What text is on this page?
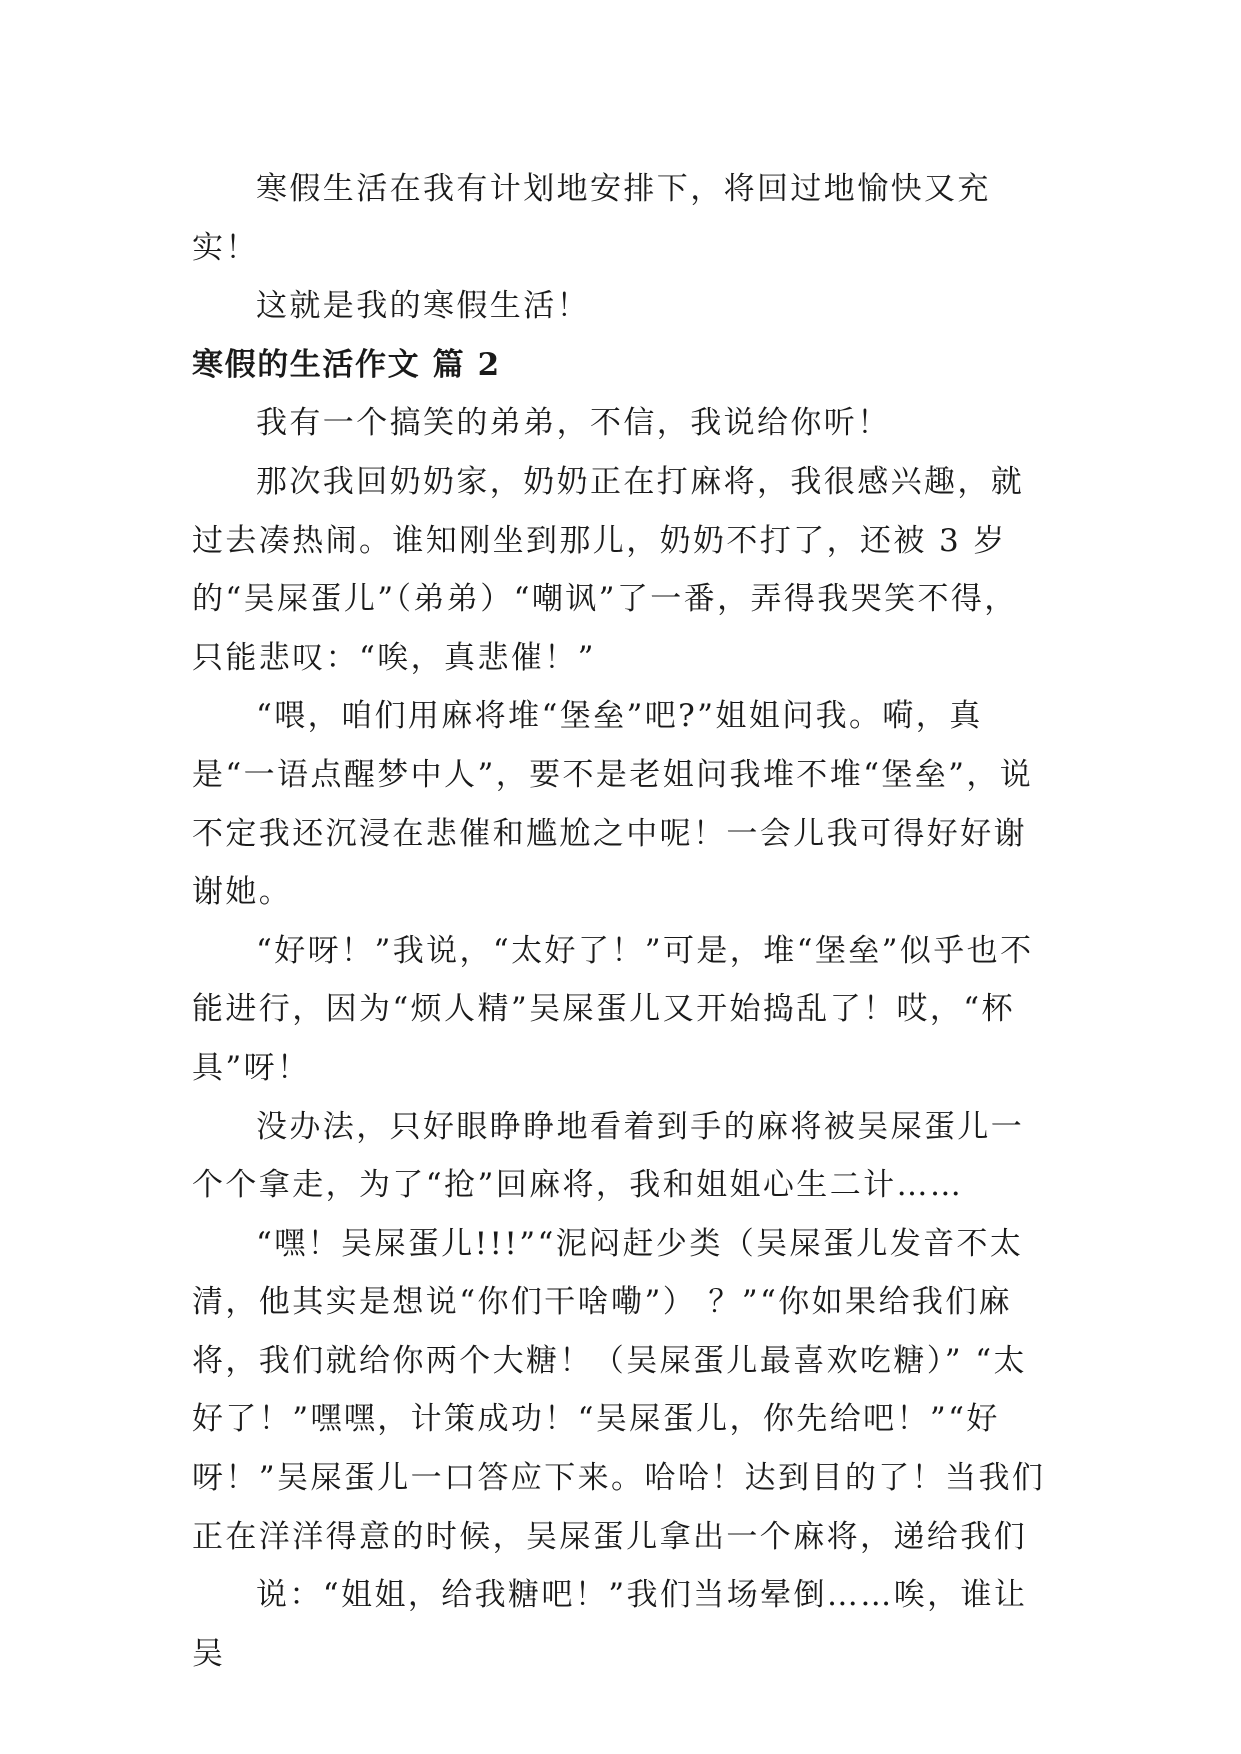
寒假生活在我有计划地安排下，将回过地愉快又充实！

这就是我的寒假生活！

寒假的生活作文 篇 2

我有一个搞笑的弟弟，不信，我说给你听！

那次我回奶奶家，奶奶正在打麻将，我很感兴趣，就过去凑热闹。谁知刚坐到那儿，奶奶不打了，还被 3 岁的“吴屎蛋儿”（弟弟）“嘲讽”了一番，弄得我哭笑不得，只能悲叹：“唉，真悲催！”

“喂，咱们用麻将堆“堡垒”吧?”姐姐问我。嗬，真是“一语点醒梦中人”，要不是老姐问我堆不堆“堡垒”，说不定我还沉浸在悲催和尴尬之中呢！一会儿我可得好好谢谢她。

“好呀！”我说，“太好了！”可是，堆“堡垒”似乎也不能进行，因为“烦人精”吴屎蛋儿又开始捣乱了！哎，“杯具”呀！

没办法，只好眼睁睁地看着到手的麻将被吴屎蛋儿一个个拿走，为了“抢”回麻将，我和姐姐心生二计……

“嘿！吴屎蛋儿!!!”“泥闷赶少类（吴屎蛋儿发音不太清，他其实是想说“你们干啥嘞”） ？”“你如果给我们麻将，我们就给你两个大糖！（吴屎蛋儿最喜欢吃糖）” “太好了！”嘿嘿，计策成功！“吴屎蛋儿，你先给吧！”“好呀！”吴屎蛋儿一口答应下来。哈哈！达到目的了！当我们正在洋洋得意的时候，吴屎蛋儿拿出一个麻将，递给我们

说：“姐姐，给我糖吧！”我们当场晕倒……唉，谁让吴
